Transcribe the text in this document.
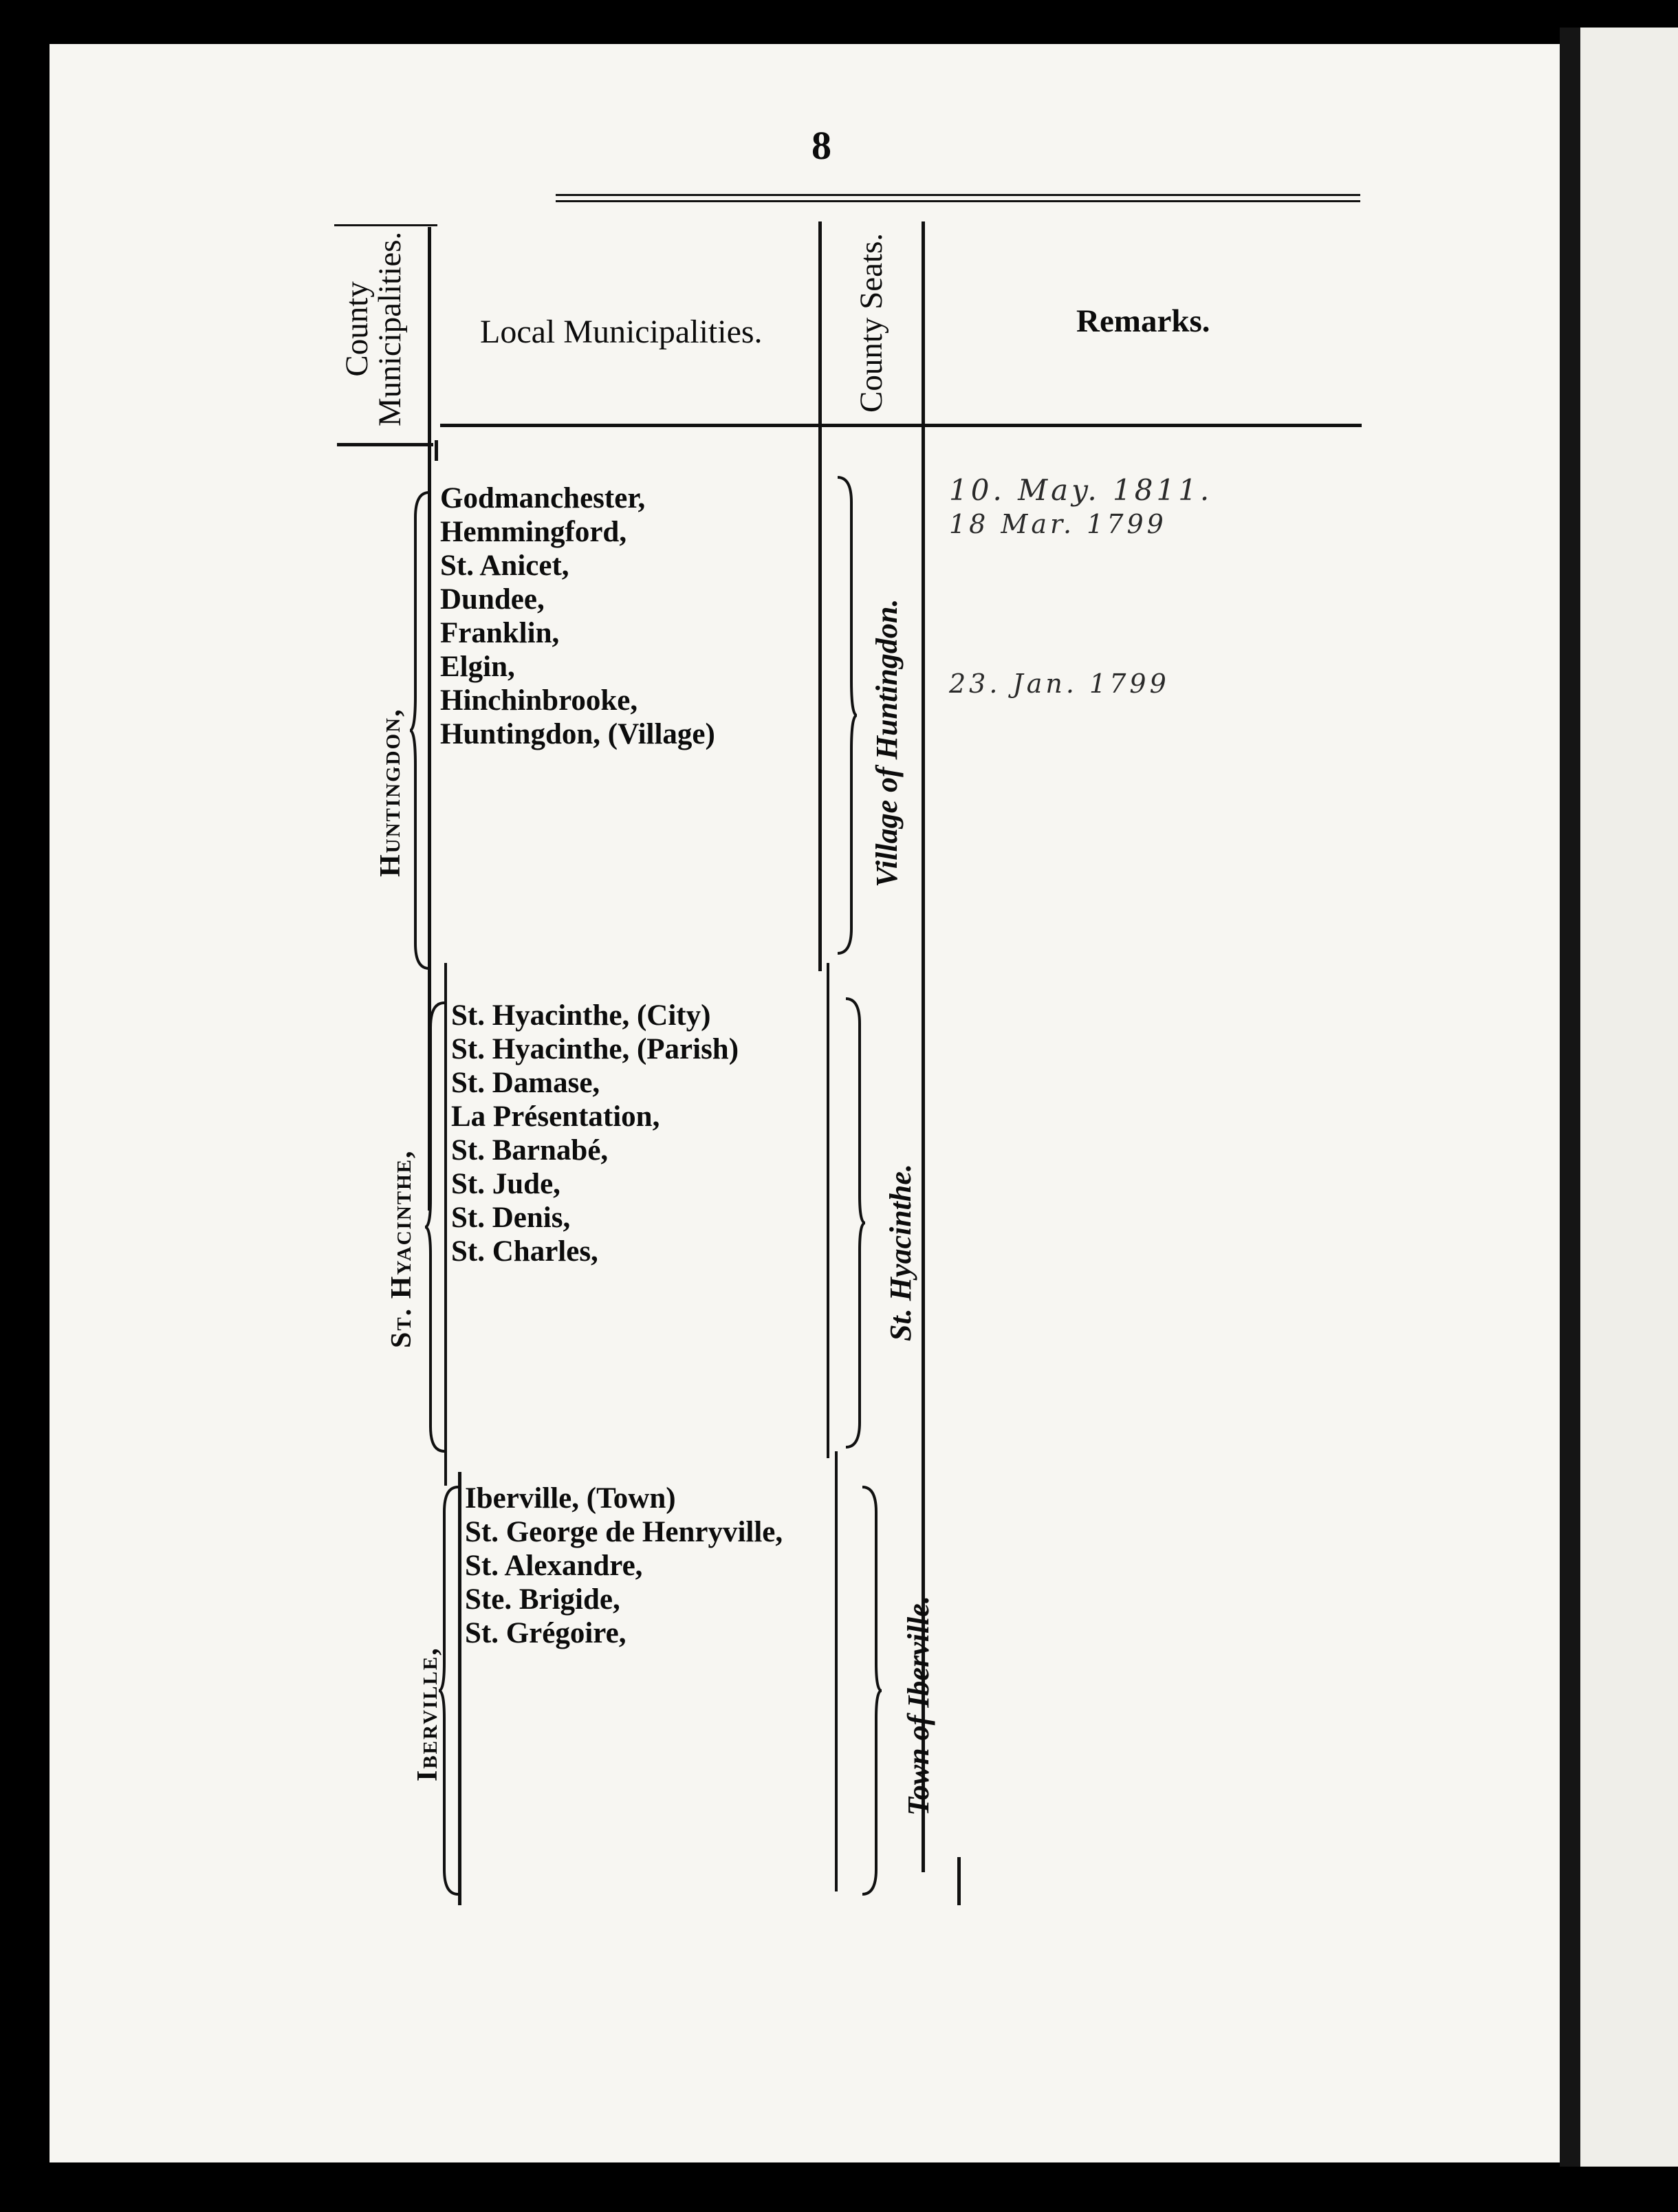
8
County
Municipalities. Local Municipalities.	County Seats.	Remarks.
Huntingdon,
St. Hyacinthe,
Iberville,
Village of Huntingdon.
St. Hyacinthe.
Town of Iberville.
Godmanchester,
Hemmingford,
St. Anicet,
Dundee,
Franklin,
Elgin,
Hinchinbrooke,
Huntingdon, (Village)
St. Hyacinthe, (City)
St. Hyacinthe, (Parish)
St. Damase,
La Présentation,
St. Barnabé,
St. Jude,
St. Denis,
St. Charles,
Iberville, (Town)
St. George de Henryville,
St. Alexandre,
Ste. Brigide,
St. Grégoire,
10. May. 1811.
18 Mar. 1799
23. Jan. 1799
